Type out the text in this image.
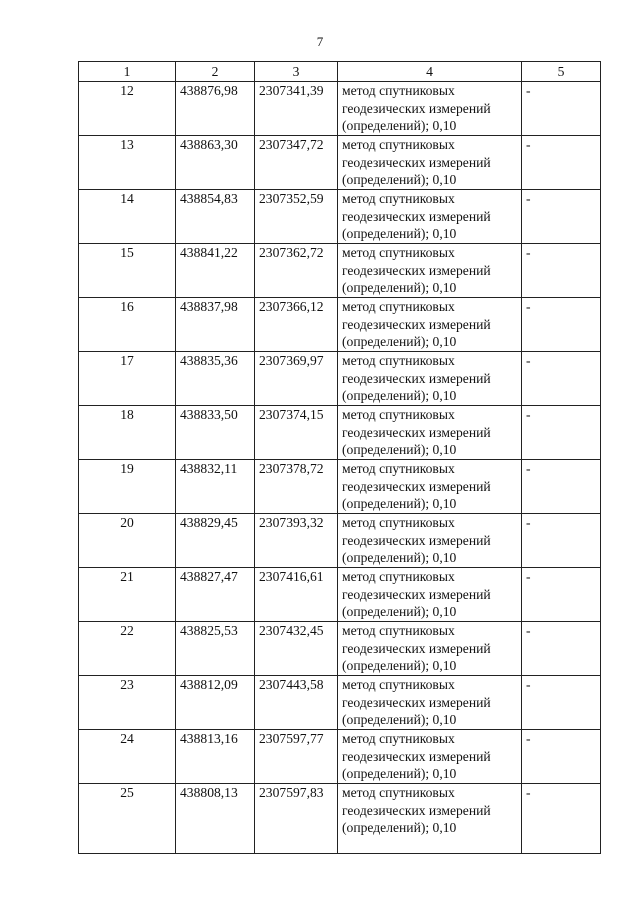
7
1	2	3	4	5
12	438876,98	2307341,39	метод спутниковых геодезических измерений (определений); 0,10	-
13	438863,30	2307347,72	метод спутниковых геодезических измерений (определений); 0,10	-
14	438854,83	2307352,59	метод спутниковых геодезических измерений (определений); 0,10	-
15	438841,22	2307362,72	метод спутниковых геодезических измерений (определений); 0,10	-
16	438837,98	2307366,12	метод спутниковых геодезических измерений (определений); 0,10	-
17	438835,36	2307369,97	метод спутниковых геодезических измерений (определений); 0,10	-
18	438833,50	2307374,15	метод спутниковых геодезических измерений (определений); 0,10	-
19	438832,11	2307378,72	метод спутниковых геодезических измерений (определений); 0,10	-
20	438829,45	2307393,32	метод спутниковых геодезических измерений (определений); 0,10	-
21	438827,47	2307416,61	метод спутниковых геодезических измерений (определений); 0,10	-
22	438825,53	2307432,45	метод спутниковых геодезических измерений (определений); 0,10	-
23	438812,09	2307443,58	метод спутниковых геодезических измерений (определений); 0,10	-
24	438813,16	2307597,77	метод спутниковых геодезических измерений (определений); 0,10	-
25	438808,13	2307597,83	метод спутниковых геодезических измерений (определений); 0,10	-
